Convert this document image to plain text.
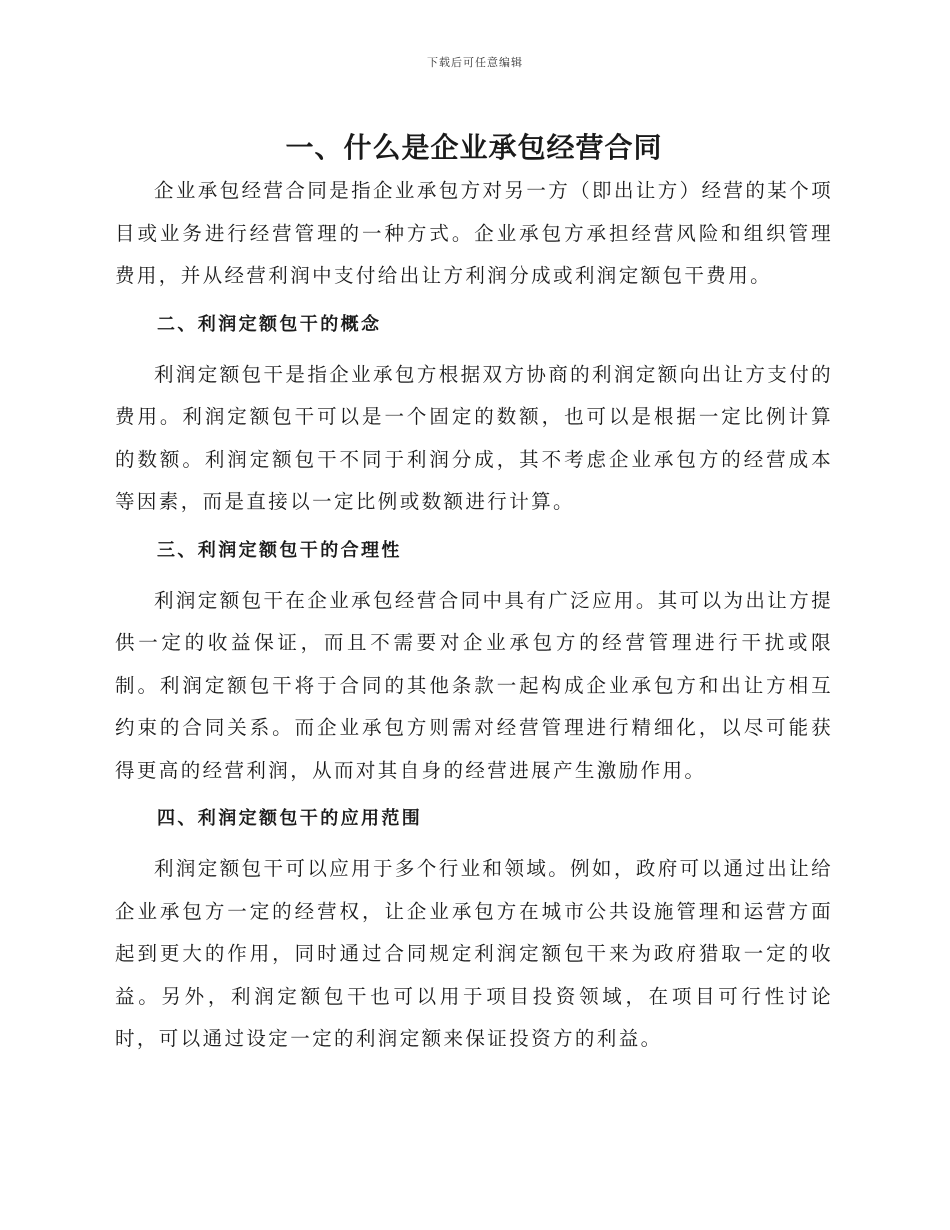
下载后可任意编辑
一、什么是企业承包经营合同

企业承包经营合同是指企业承包方对另一方（即出让方）经营的某个项目或业务进行经营管理的一种方式。企业承包方承担经营风险和组织管理费用，并从经营利润中支付给出让方利润分成或利润定额包干费用。

二、利润定额包干的概念

利润定额包干是指企业承包方根据双方协商的利润定额向出让方支付的费用。利润定额包干可以是一个固定的数额，也可以是根据一定比例计算的数额。利润定额包干不同于利润分成，其不考虑企业承包方的经营成本等因素，而是直接以一定比例或数额进行计算。

三、利润定额包干的合理性

利润定额包干在企业承包经营合同中具有广泛应用。其可以为出让方提供一定的收益保证，而且不需要对企业承包方的经营管理进行干扰或限制。利润定额包干将于合同的其他条款一起构成企业承包方和出让方相互约束的合同关系。而企业承包方则需对经营管理进行精细化，以尽可能获得更高的经营利润，从而对其自身的经营进展产生激励作用。

四、利润定额包干的应用范围

利润定额包干可以应用于多个行业和领域。例如，政府可以通过出让给企业承包方一定的经营权，让企业承包方在城市公共设施管理和运营方面起到更大的作用，同时通过合同规定利润定额包干来为政府猎取一定的收益。另外，利润定额包干也可以用于项目投资领域，在项目可行性讨论时，可以通过设定一定的利润定额来保证投资方的利益。
